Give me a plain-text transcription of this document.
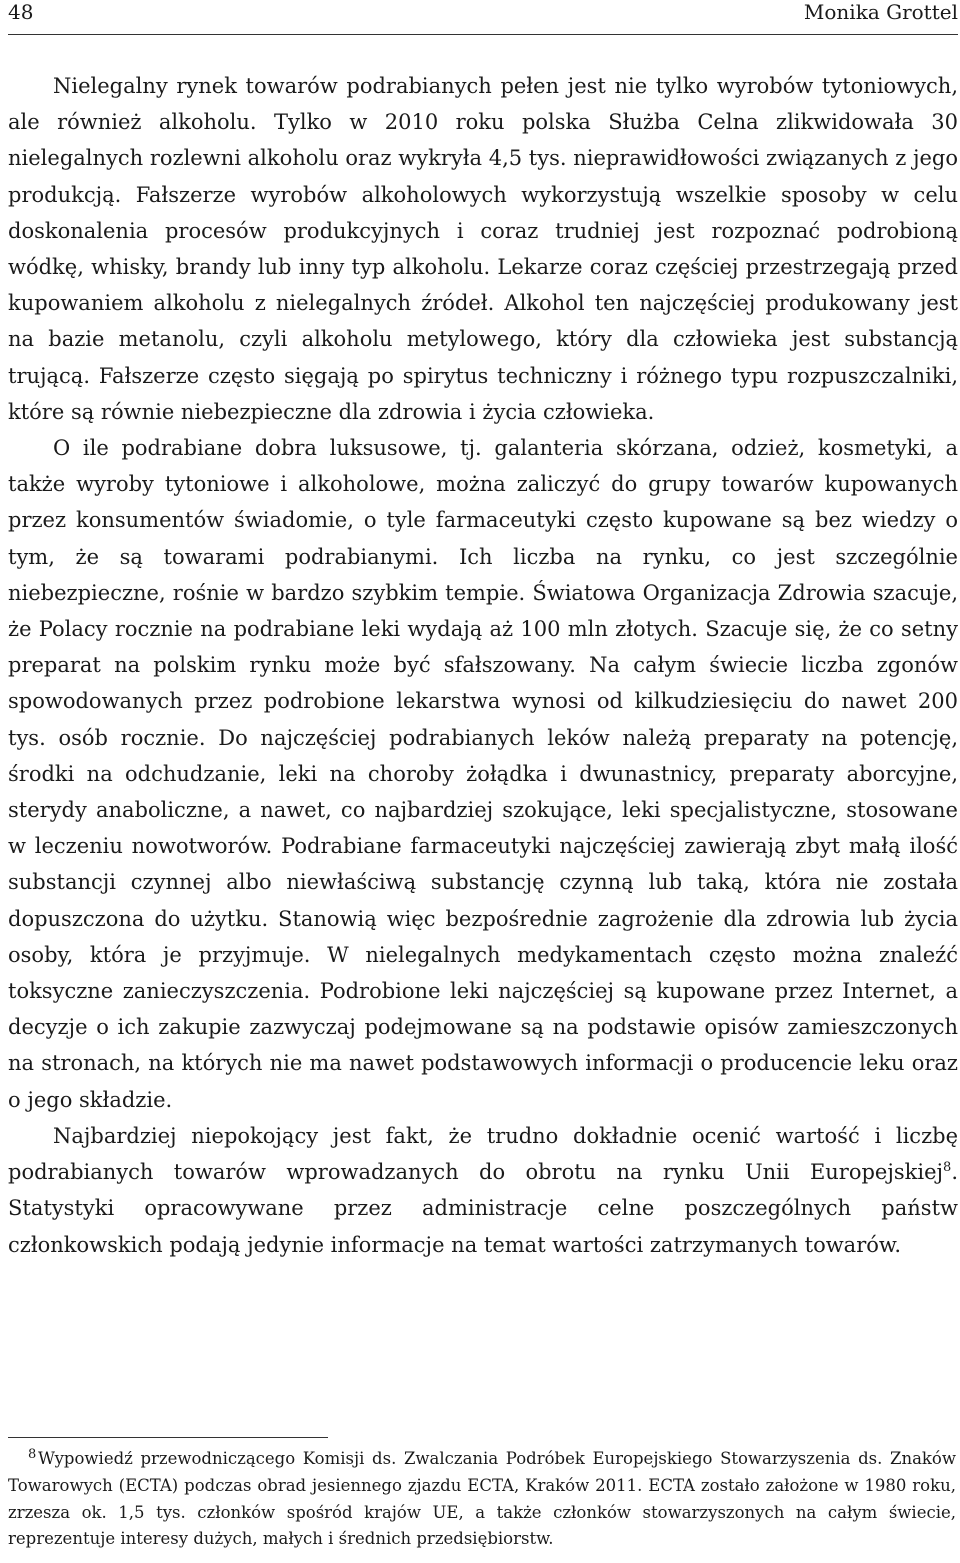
48	Monika Grottel

Nielegalny rynek towarów podrabianych pełen jest nie tylko wyrobów tytoniowych, ale również alkoholu. Tylko w 2010 roku polska Służba Celna zlikwidowała 30 nielegalnych rozlewni alkoholu oraz wykryła 4,5 tys. nieprawidłowości związanych z jego produkcją. Fałszerze wyrobów alkoholowych wykorzystują wszelkie sposoby w celu doskonalenia procesów produkcyjnych i coraz trudniej jest rozpoznać podrobioną wódkę, whisky, brandy lub inny typ alkoholu. Lekarze coraz częściej przestrzegają przed kupowaniem alkoholu z nielegalnych źródeł. Alkohol ten najczęściej produkowany jest na bazie metanolu, czyli alkoholu metylowego, który dla człowieka jest substancją trującą. Fałszerze często sięgają po spirytus techniczny i różnego typu rozpuszczalniki, które są równie niebezpieczne dla zdrowia i życia człowieka.

O ile podrabiane dobra luksusowe, tj. galanteria skórzana, odzież, kosmetyki, a także wyroby tytoniowe i alkoholowe, można zaliczyć do grupy towarów kupowanych przez konsumentów świadomie, o tyle farmaceutyki często kupowane są bez wiedzy o tym, że są towarami podrabianymi. Ich liczba na rynku, co jest szczególnie niebezpieczne, rośnie w bardzo szybkim tempie. Światowa Organizacja Zdrowia szacuje, że Polacy rocznie na podrabiane leki wydają aż 100 mln złotych. Szacuje się, że co setny preparat na polskim rynku może być sfałszowany. Na całym świecie liczba zgonów spowodowanych przez podrobione lekarstwa wynosi od kilkudziesięciu do nawet 200 tys. osób rocznie. Do najczęściej podrabianych leków należą preparaty na potencję, środki na odchudzanie, leki na choroby żołądka i dwunastnicy, preparaty aborcyjne, sterydy anaboliczne, a nawet, co najbardziej szokujące, leki specjalistyczne, stosowane w leczeniu nowotworów. Podrabiane farmaceutyki najczęściej zawierają zbyt małą ilość substancji czynnej albo niewłaściwą substancję czynną lub taką, która nie została dopuszczona do użytku. Stanowią więc bezpośrednie zagrożenie dla zdrowia lub życia osoby, która je przyjmuje. W nielegalnych medykamentach często można znaleźć toksyczne zanieczyszczenia. Podrobione leki najczęściej są kupowane przez Internet, a decyzje o ich zakupie zazwyczaj podejmowane są na podstawie opisów zamieszczonych na stronach, na których nie ma nawet podstawowych informacji o producencie leku oraz o jego składzie.

Najbardziej niepokojący jest fakt, że trudno dokładnie ocenić wartość i liczbę podrabianych towarów wprowadzanych do obrotu na rynku Unii Europejskiej$^8$. Statystyki opracowywane przez administracje celne poszczególnych państw członkowskich podają jedynie informacje na temat wartości zatrzymanych towarów.

8 Wypowiedź przewodniczącego Komisji ds. Zwalczania Podróbek Europejskiego Stowarzyszenia ds. Znaków Towarowych (ECTA) podczas obrad jesiennego zjazdu ECTA, Kraków 2011. ECTA zostało założone w 1980 roku, zrzesza ok. 1,5 tys. członków spośród krajów UE, a także członków stowarzyszonych na całym świecie, reprezentuje interesy dużych, małych i średnich przedsiębiorstw.
